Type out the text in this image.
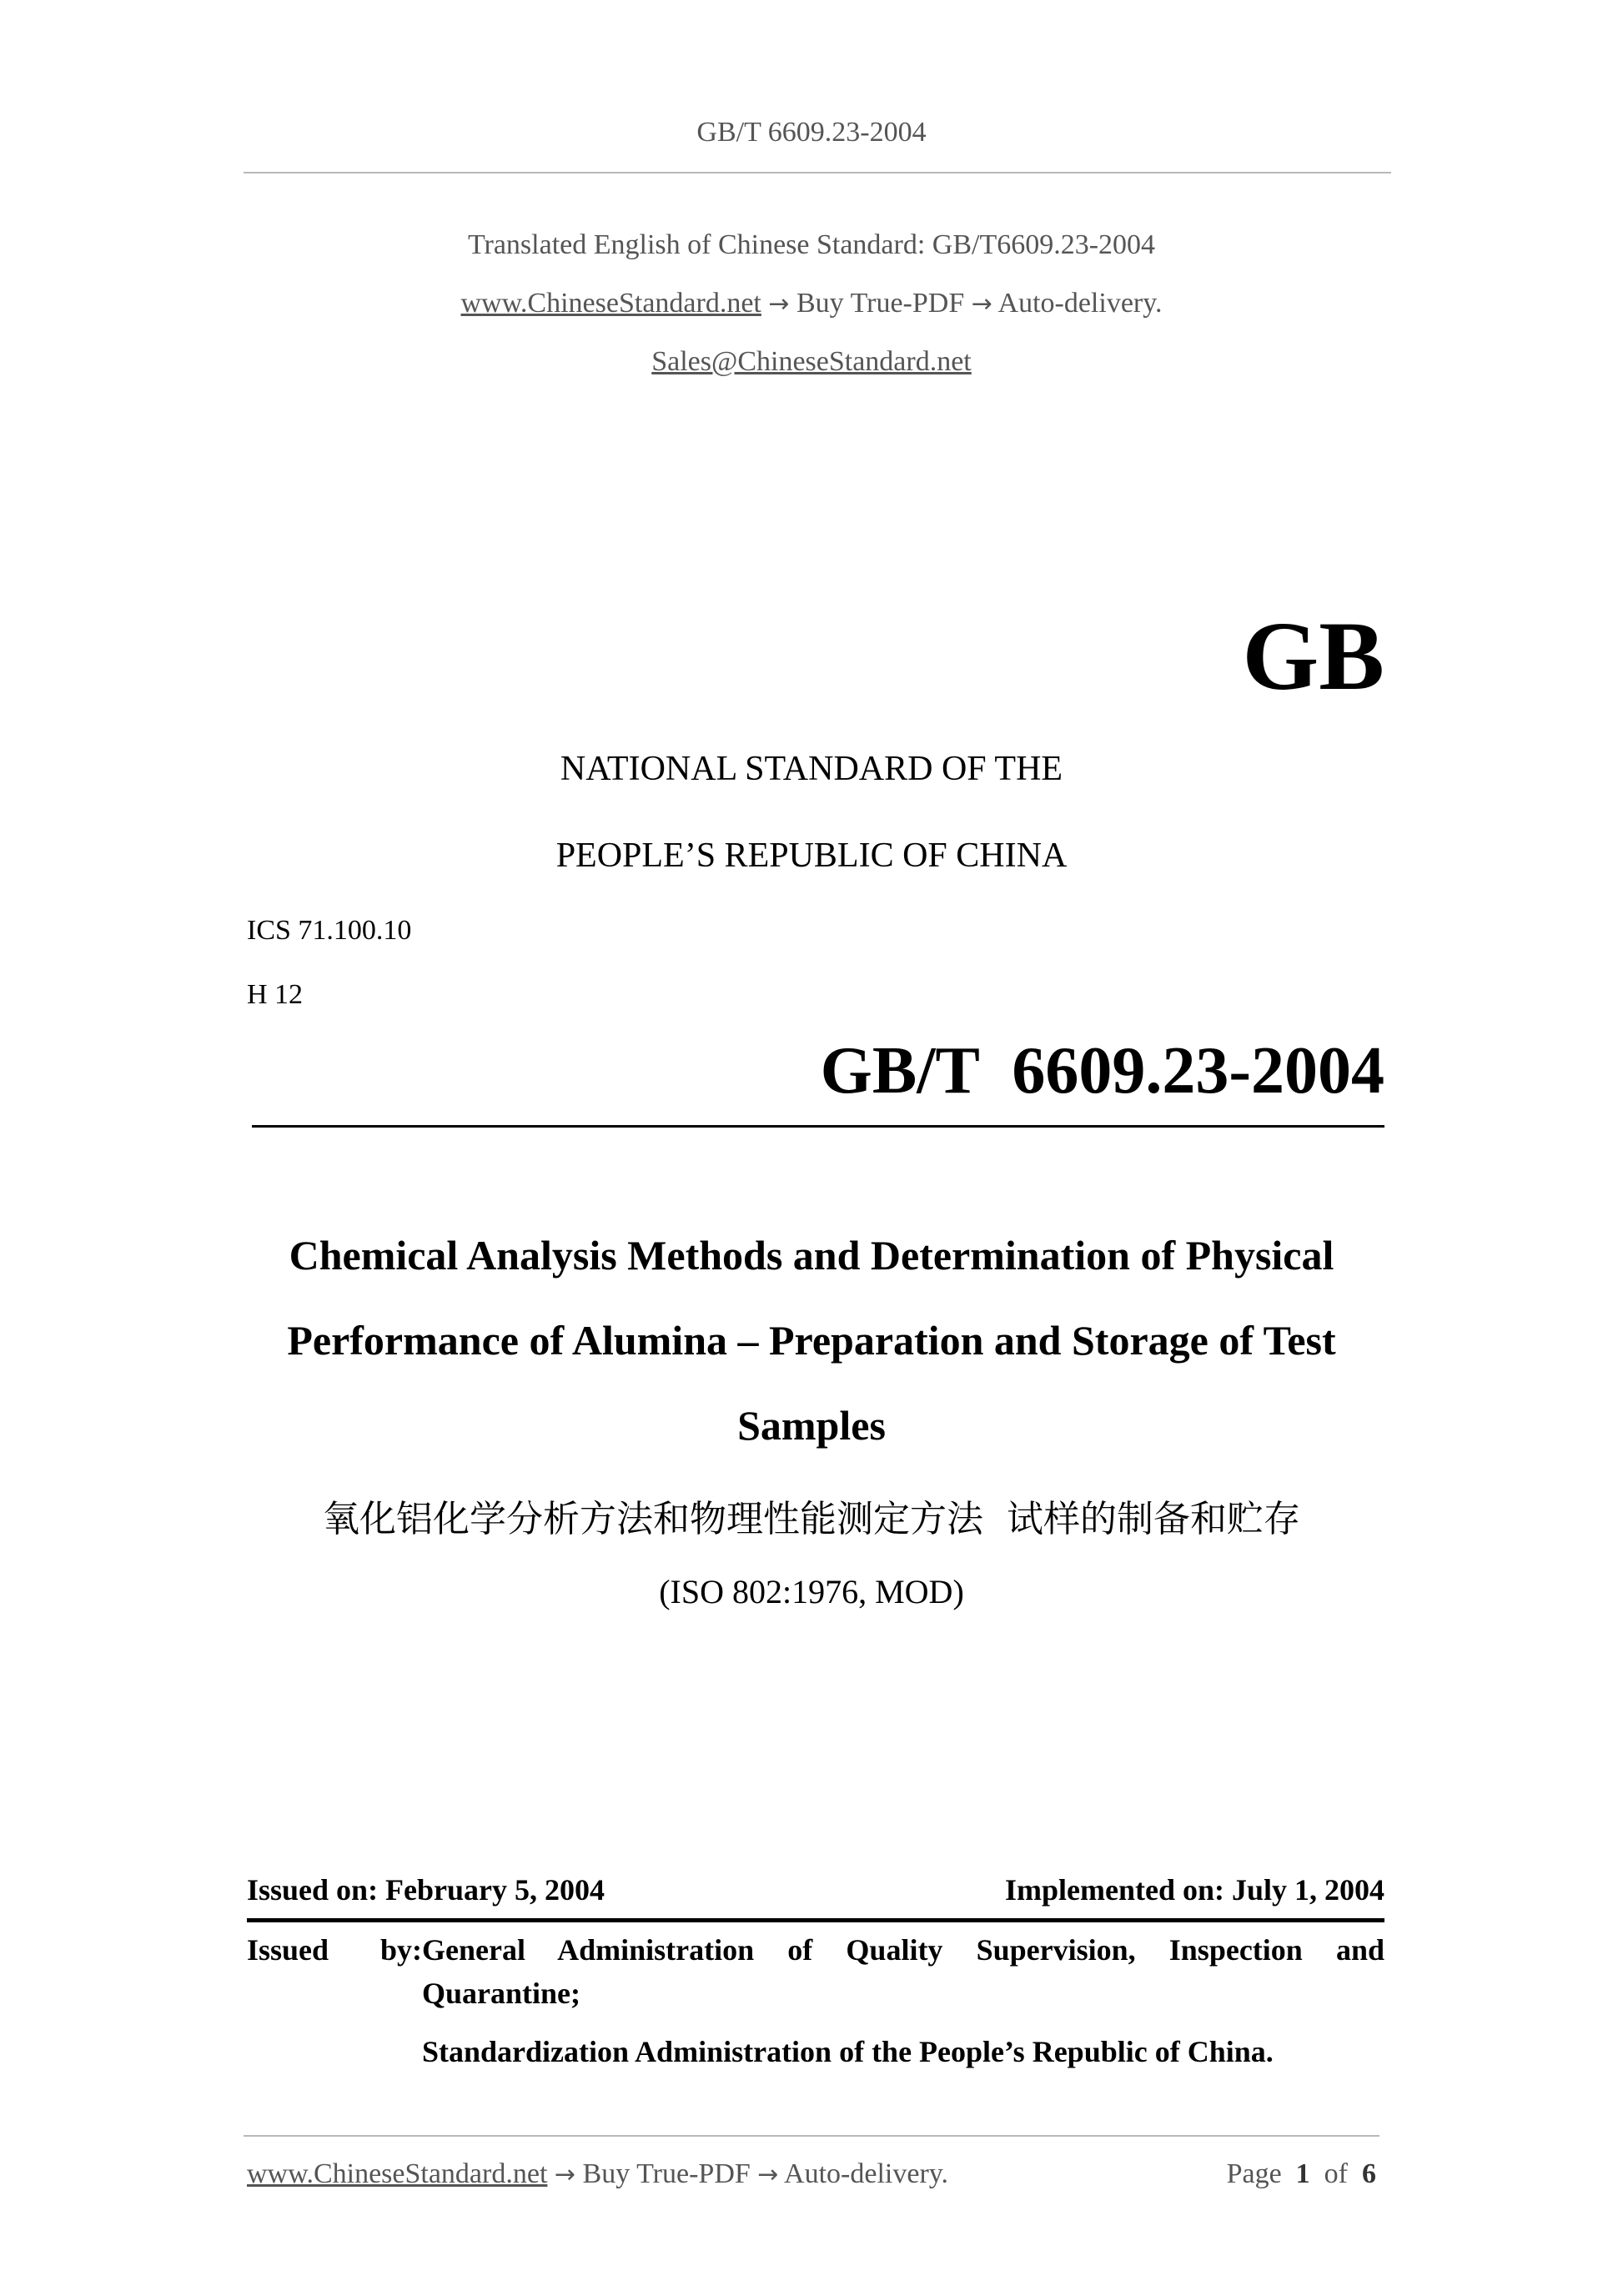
GB/T 6609.23-2004
Translated English of Chinese Standard: GB/T6609.23-2004
www.ChineseStandard.net → Buy True-PDF → Auto-delivery.
Sales@ChineseStandard.net
GB
NATIONAL STANDARD OF THE
PEOPLE’S REPUBLIC OF CHINA
ICS 71.100.10
H 12
GB/T  6609.23-2004
Chemical Analysis Methods and Determination of Physical
Performance of Alumina – Preparation and Storage of Test
Samples
氧化铝化学分析方法和物理性能测定方法  试样的制备和贮存
(ISO 802:1976, MOD)
Issued on: February 5, 2004	Implemented on: July 1, 2004
Issued by: General Administration of Quality Supervision, Inspection and Quarantine;
Standardization Administration of the People’s Republic of China.
www.ChineseStandard.net → Buy True-PDF → Auto-delivery.	Page 1 of 6
